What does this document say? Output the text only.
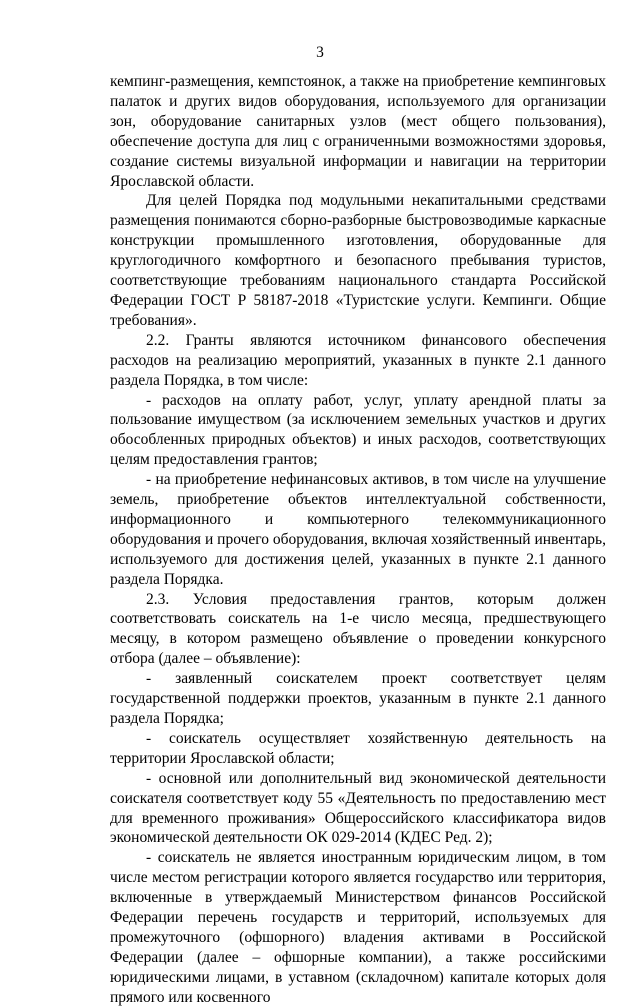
3

кемпинг-размещения, кемпстоянок, а также на приобретение кемпинговых палаток и других видов оборудования, используемого для организации зон, оборудование санитарных узлов (мест общего пользования), обеспечение доступа для лиц с ограниченными возможностями здоровья, создание системы визуальной информации и навигации на территории Ярославской области.

Для целей Порядка под модульными некапитальными средствами размещения понимаются сборно-разборные быстровозводимые каркасные конструкции промышленного изготовления, оборудованные для круглогодичного комфортного и безопасного пребывания туристов, соответствующие требованиям национального стандарта Российской Федерации ГОСТ Р 58187-2018 «Туристские услуги. Кемпинги. Общие требования».

2.2. Гранты являются источником финансового обеспечения расходов на реализацию мероприятий, указанных в пункте 2.1 данного раздела Порядка, в том числе:

- расходов на оплату работ, услуг, уплату арендной платы за пользование имуществом (за исключением земельных участков и других обособленных природных объектов) и иных расходов, соответствующих целям предоставления грантов;

- на приобретение нефинансовых активов, в том числе на улучшение земель, приобретение объектов интеллектуальной собственности, информационного и компьютерного телекоммуникационного оборудования и прочего оборудования, включая хозяйственный инвентарь, используемого для достижения целей, указанных в пункте 2.1 данного раздела Порядка.

2.3. Условия предоставления грантов, которым должен соответствовать соискатель на 1-е число месяца, предшествующего месяцу, в котором размещено объявление о проведении конкурсного отбора (далее – объявление):

- заявленный соискателем проект соответствует целям государственной поддержки проектов, указанным в пункте 2.1 данного раздела Порядка;

- соискатель осуществляет хозяйственную деятельность на территории Ярославской области;

- основной или дополнительный вид экономической деятельности соискателя соответствует коду 55 «Деятельность по предоставлению мест для временного проживания» Общероссийского классификатора видов экономической деятельности ОК 029-2014 (КДЕС Ред. 2);

- соискатель не является иностранным юридическим лицом, в том числе местом регистрации которого является государство или территория, включенные в утверждаемый Министерством финансов Российской Федерации перечень государств и территорий, используемых для промежуточного (офшорного) владения активами в Российской Федерации (далее – офшорные компании), а также российскими юридическими лицами, в уставном (складочном) капитале которых доля прямого или косвенного
